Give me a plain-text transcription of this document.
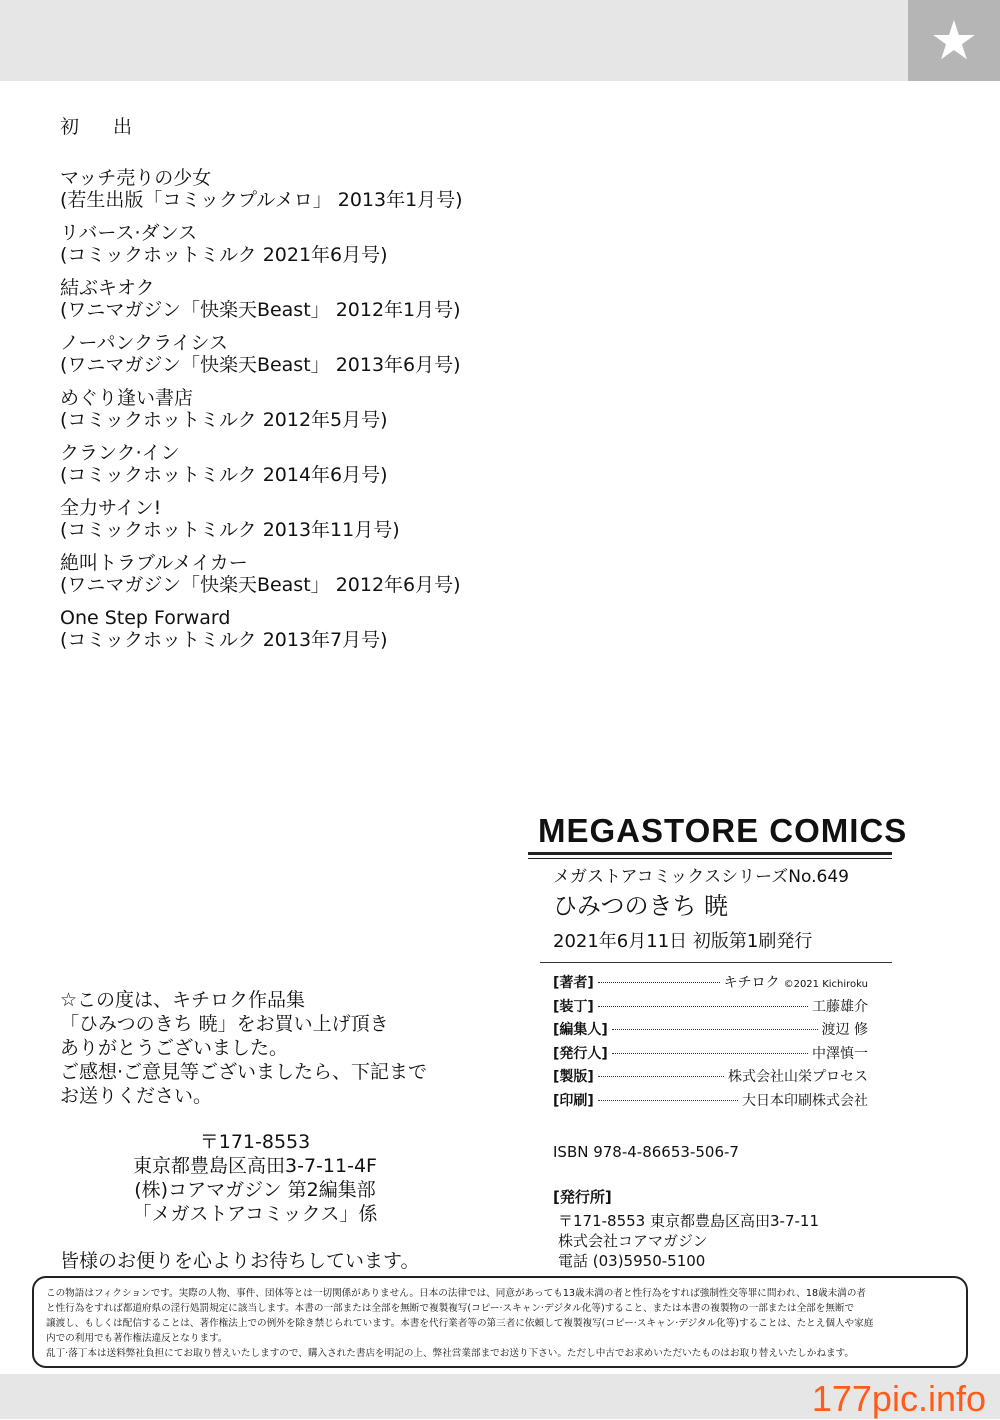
★
初 出
マッチ売りの少女
(若生出版「コミックプルメロ」 2013年1月号)
リバース·ダンス
(コミックホットミルク 2021年6月号)
結ぶキオク
(ワニマガジン「快楽天Beast」 2012年1月号)
ノーパンクライシス
(ワニマガジン「快楽天Beast」 2013年6月号)
めぐり逢い書店
(コミックホットミルク 2012年5月号)
クランク·イン
(コミックホットミルク 2014年6月号)
全力サイン!
(コミックホットミルク 2013年11月号)
絶叫トラブルメイカー
(ワニマガジン「快楽天Beast」 2012年6月号)
One Step Forward
(コミックホットミルク 2013年7月号)
MEGASTORE COMICS
メガストアコミックスシリーズNo.649
ひみつのきち 暁
2021年6月11日 初版第1刷発行
[著者]	キチロク ©2021 Kichiroku
[装丁]	工藤雄介
[編集人]	渡辺 修
[発行人]	中澤慎一
[製版]	株式会社山栄プロセス
[印刷]	大日本印刷株式会社
ISBN 978-4-86653-506-7
[発行所]
〒171-8553 東京都豊島区高田3-7-11
株式会社コアマガジン
電話 (03)5950-5100
☆この度は、キチロク作品集
「ひみつのきち 暁」をお買い上げ頂き
ありがとうございました。
ご感想·ご意見等ございましたら、下記まで
お送りください。
〒171-8553
東京都豊島区高田3-7-11-4F
(株)コアマガジン 第2編集部
「メガストアコミックス」係
皆様のお便りを心よりお待ちしています。
この物語はフィクションです。実際の人物、事件、団体等とは一切関係がありません。日本の法律では、同意があっても13歳未満の者と性行為をすれば強制性交等罪に問われ、18歳未満の者
と性行為をすれば都道府県の淫行処罰規定に該当します。本書の一部または全部を無断で複製複写(コピー·スキャン·デジタル化等)すること、または本書の複製物の一部または全部を無断で
譲渡し、もしくは配信することは、著作権法上での例外を除き禁じられています。本書を代行業者等の第三者に依頼して複製複写(コピー·スキャン·デジタル化等)することは、たとえ個人や家庭
内での利用でも著作権法違反となります。
乱丁·落丁本は送料弊社負担にてお取り替えいたしますので、購入された書店を明記の上、弊社営業部までお送り下さい。ただし中古でお求めいただいたものはお取り替えいたしかねます。
177pic.info
